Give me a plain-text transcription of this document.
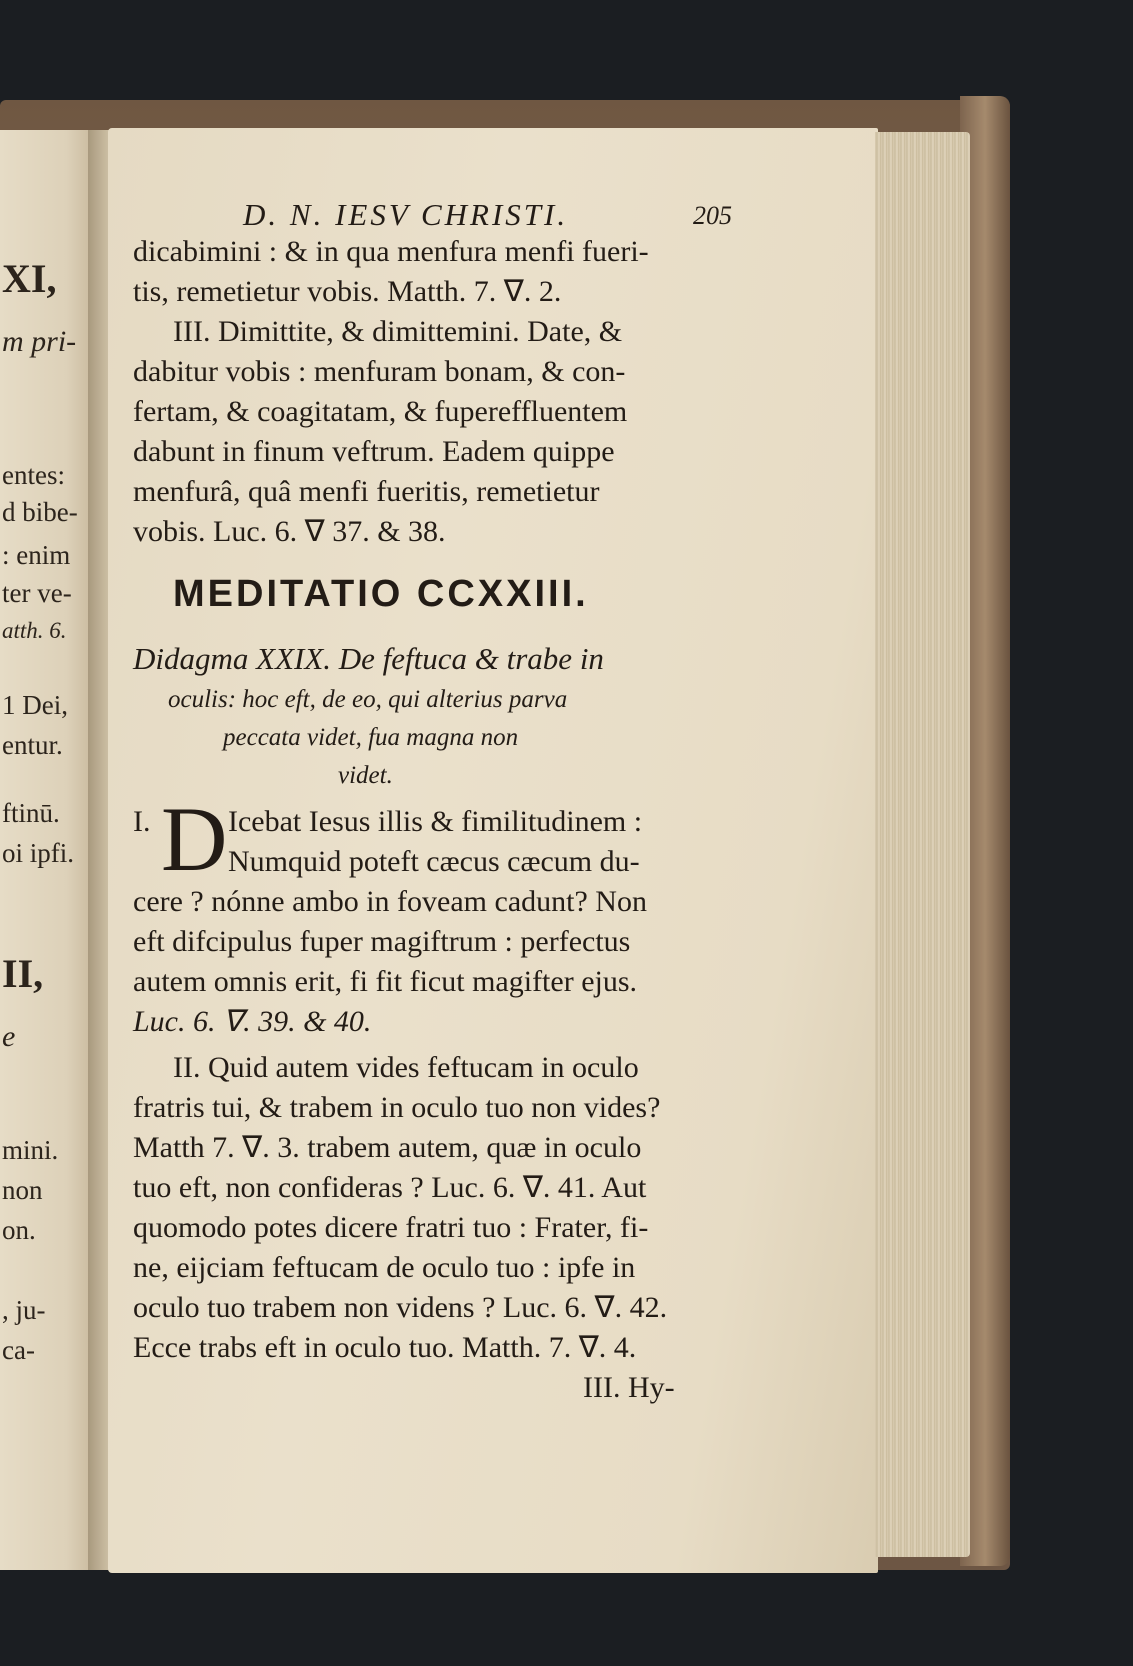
XI,
m pri-
entes:
d bibe-
: enim
ter ve-
atth. 6.
1 Dei,
entur.
ftinū.
oi ipfi.
II,
e
mini.
non
on.
, ju-
ca-
D. N. IESV CHRISTI.	205
dicabimini : & in qua menfura menfi fueri-
tis, remetietur vobis. Matth. 7. ∇. 2.
III. Dimittite, & dimittemini. Date, &
dabitur vobis : menfuram bonam, & con-
fertam, & coagitatam, & fupereffluentem
dabunt in finum veftrum. Eadem quippe
menfurâ, quâ menfi fueritis, remetietur
vobis. Luc. 6. ∇ 37. & 38.
MEDITATIO CCXXIII.
Didagma XXIX. De feftuca & trabe in
oculis: hoc eft, de eo, qui alterius parva
peccata videt, fua magna non
videt.
I. D Icebat Iesus illis & fimilitudinem :
Numquid poteft cæcus cæcum du-
cere ? nónne ambo in foveam cadunt? Non
eft difcipulus fuper magiftrum : perfectus
autem omnis erit, fi fit ficut magifter ejus.
Luc. 6. ∇. 39. & 40.
II. Quid autem vides feftucam in oculo
fratris tui, & trabem in oculo tuo non vides?
Matth 7. ∇. 3. trabem autem, quæ in oculo
tuo eft, non confideras ? Luc. 6. ∇. 41. Aut
quomodo potes dicere fratri tuo : Frater, fi-
ne, eijciam feftucam de oculo tuo : ipfe in
oculo tuo trabem non videns ? Luc. 6. ∇. 42.
Ecce trabs eft in oculo tuo. Matth. 7. ∇. 4.
III. Hy-
